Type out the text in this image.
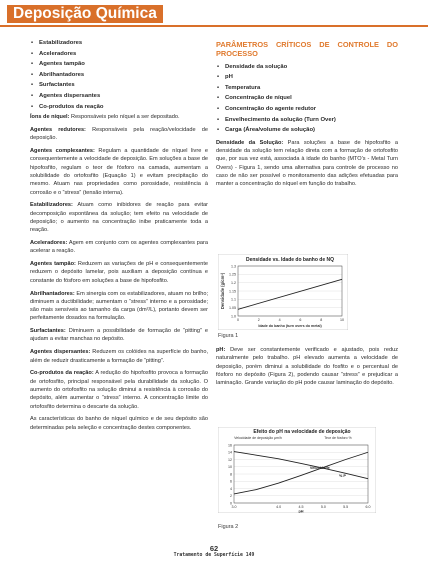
Deposição Química
• Estabilizadores
• Aceleradores
• Agentes tampão
• Abrilhantadores
• Surfactantes
• Agentes dispersantes
• Co-produtos da reação

Íons de níquel: Responsáveis pelo níquel a ser depositado.

Agentes redutores: Responsáveis pela reação/velocidade de deposição.

Agentes complexantes: Regulam a quantidade de níquel livre e consequentemente a velocidade de deposição. Em soluções a base de hipofosfito, regulam o teor de fósforo na camada, aumentam a solubilidade do ortofosfito (Equação 1) e evitam precipitação do mesmo. Atuam nas propriedades como porosidade, resistência à corrosão e o “stress” (tensão interna).

Estabilizadores: Atuam como inibidores de reação para evitar decomposição espontânea da solução; tem efeito na velocidade de deposição; o aumento na concentração inibe praticamente toda a reação.

Aceleradores: Agem em conjunto com os agentes complexantes para acelerar a reação.

Agentes tampão: Reduzem as variações de pH e consequentemente reduzem o depósito lamelar, pois auxiliam a deposição contínua e constante do fósforo em soluções a base de hipofosfito.

Abrilhantadores: Em sinergia com os estabilizadores, atuam no brilho; diminuem a ductibilidade; aumentam o “stress” interno e a porosidade; são mais sensíveis ao tamanho da carga (dm²/L), portanto devem ser perfeitamente dosados na formulação.

Surfactantes: Diminuem a possibilidade de formação de “pitting” e ajudam a evitar manchas no depósito.

Agentes dispersantes: Reduzem os colóides na superfície do banho, além de reduzir drasticamente a formação de “pitting”.

Co-produtos da reação: A redução do hipofosfito provoca a formação de ortofosfito, principal responsável pela durabilidade da solução. O aumento do ortofosfito na solução diminui a resistência à corrosão do depósito, além aumentar o “stress” interno. A concentração limite do ortofosfito determina o descarte da solução.

As características do banho de níquel químico e de seu depósito são determinadas pela seleção e concentração destes componentes.

PARÂMETROS CRÍTICOS DE CONTROLE DO PROCESSO
• Densidade da solução
• pH
• Temperatura
• Concentração de níquel
• Concentração do agente redutor
• Envelhecimento da solução (Turn Over)
• Carga (Área/volume de solução)

Densidade da Solução: Para soluções a base de hipofosfito a densidade da solução tem relação direta com a formação de ortofosfito que, por sua vez está, associada à idade do banho (MTO’s - Metal Turn Overs) - Figura 1, sendo uma alternativa para controle de processo no caso de não ser possível o monitoramento das adições efetuadas para manter a concentração do níquel em função do trabalho.

Densidade vs. Idade do banho de NQ
1.0
1.05
1.1
1.15
1.2
1.25
1.3
0	2	4	6	8	10
Idade do banho (turn overs do metal)
Densidade (g/cm³)
Figura 1

pH: Deve ser constantemente verificado e ajustado, pois reduz naturalmente pelo trabalho. pH elevado aumenta a velocidade de deposição, porém diminui a solubilidade do fosfito e o percentual de fósforo no depósito (Figura 2), podendo causar “stress” e prejudicar a laminação. Grande variação do pH pode causar laminação do depósito.

Efeito do pH na velocidade de deposição
Velocidade de deposição µm/h	Teor de fósforo %
0
2
4
6
8
10
12
14
16
3.0	4.0	4.5	5.0	5.5	6.0
pH
Velocidade
% P
Figura 2
62
Tratamento de Superfície 149
